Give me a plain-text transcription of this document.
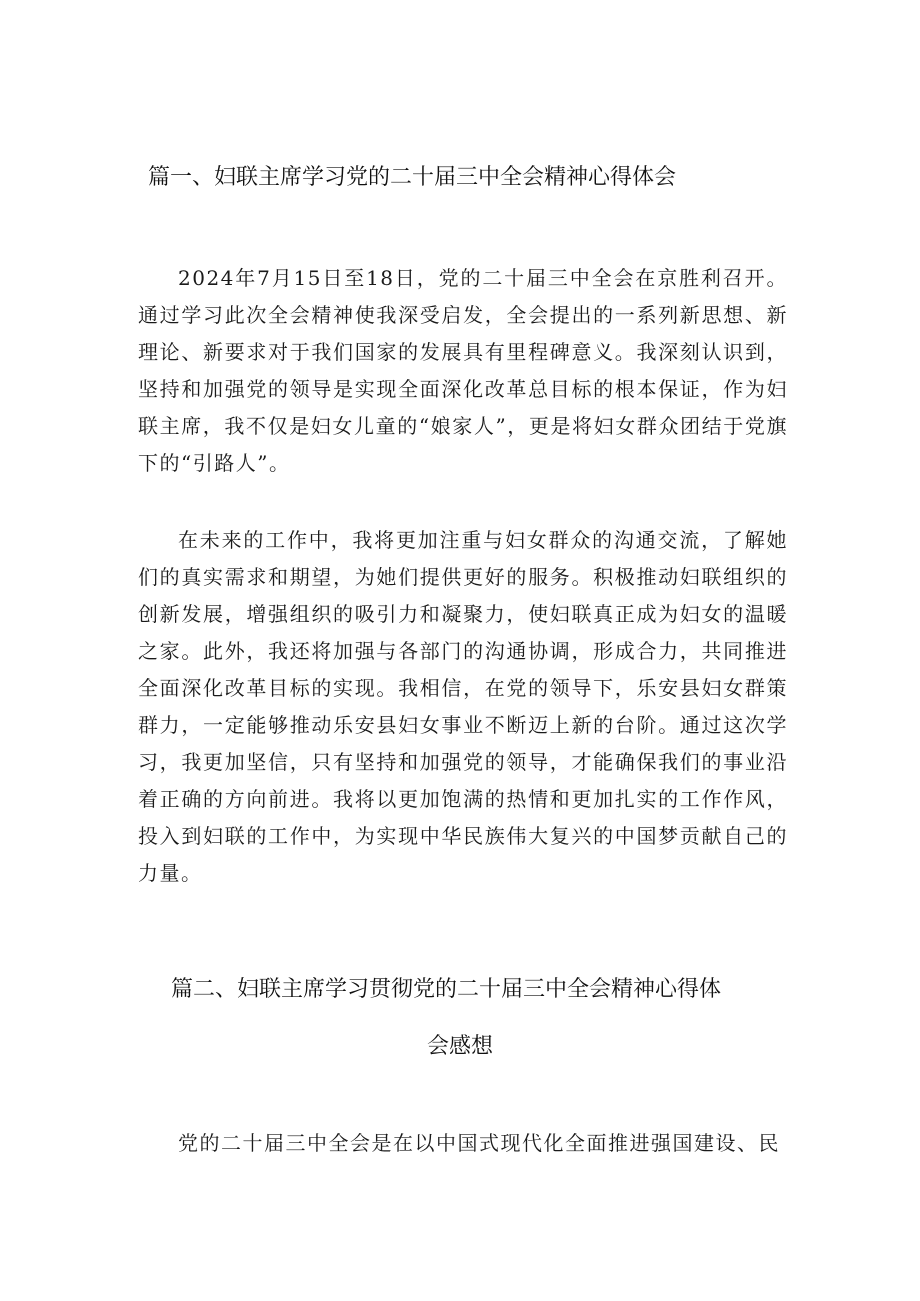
篇一、妇联主席学习党的二十届三中全会精神心得体会

2024年7月15日至18日，党的二十届三中全会在京胜利召开。通过学习此次全会精神使我深受启发，全会提出的一系列新思想、新理论、新要求对于我们国家的发展具有里程碑意义。我深刻认识到，坚持和加强党的领导是实现全面深化改革总目标的根本保证，作为妇联主席，我不仅是妇女儿童的“娘家人”，更是将妇女群众团结于党旗下的“引路人”。

在未来的工作中，我将更加注重与妇女群众的沟通交流，了解她们的真实需求和期望，为她们提供更好的服务。积极推动妇联组织的创新发展，增强组织的吸引力和凝聚力，使妇联真正成为妇女的温暖之家。此外，我还将加强与各部门的沟通协调，形成合力，共同推进全面深化改革目标的实现。我相信，在党的领导下，乐安县妇女群策群力，一定能够推动乐安县妇女事业不断迈上新的台阶。通过这次学习，我更加坚信，只有坚持和加强党的领导，才能确保我们的事业沿着正确的方向前进。我将以更加饱满的热情和更加扎实的工作作风，投入到妇联的工作中，为实现中华民族伟大复兴的中国梦贡献自己的力量。

篇二、妇联主席学习贯彻党的二十届三中全会精神心得体
会感想

党的二十届三中全会是在以中国式现代化全面推进强国建设、民
